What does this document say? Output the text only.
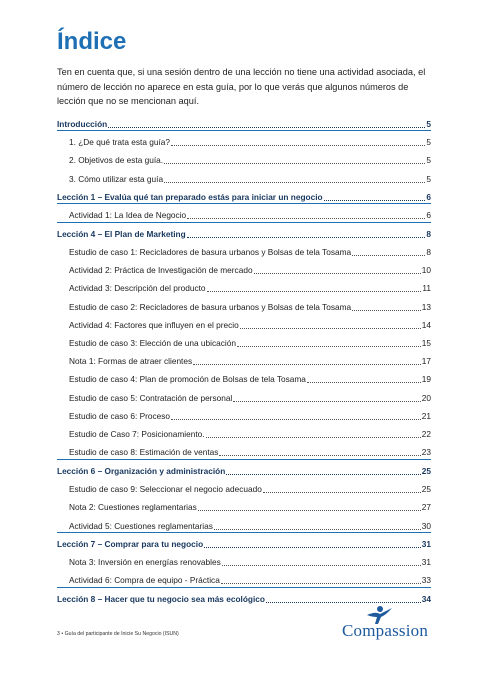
Índice
Ten en cuenta que, si una sesión dentro de una lección no tiene una actividad asociada, el número de lección no aparece en esta guía, por lo que verás que algunos números de lección que no se mencionan aquí.
Introducción	5
1. ¿De qué trata esta guía?	5
2. Objetivos de esta guía.	5
3. Cómo utilizar esta guía	5
Lección 1 – Evalúa qué tan preparado estás para iniciar un negocio	6
Actividad 1: La Idea de Negocio	6
Lección 4 – El Plan de Marketing	8
Estudio de caso 1: Recicladores de basura urbanos y Bolsas de tela Tosama	8
Actividad 2: Práctica de Investigación de mercado	10
Actividad 3: Descripción del producto	11
Estudio de caso 2: Recicladores de basura urbanos y Bolsas de tela Tosama	13
Actividad 4: Factores que influyen en el precio	14
Estudio de caso 3: Elección de una ubicación	15
Nota 1: Formas de atraer clientes	17
Estudio de caso 4: Plan de promoción de Bolsas de tela Tosama	19
Estudio de caso 5: Contratación de personal	20
Estudio de caso 6: Proceso	21
Estudio de Caso 7: Posicionamiento.	22
Estudio de caso 8: Estimación de ventas	23
Lección 6 – Organización y administración	25
Estudio de caso 9: Seleccionar el negocio adecuado	25
Nota 2: Cuestiones reglamentarias	27
Actividad 5: Cuestiones reglamentarias	30
Lección 7 – Comprar para tu negocio	31
Nota 3: Inversión en energías renovables	31
Actividad 6: Compra de equipo - Práctica	33
Lección 8 – Hacer que tu negocio sea más ecológico	34
3 • Guía del participante de Inicie Su Negocio (ISUN)	Compassion
